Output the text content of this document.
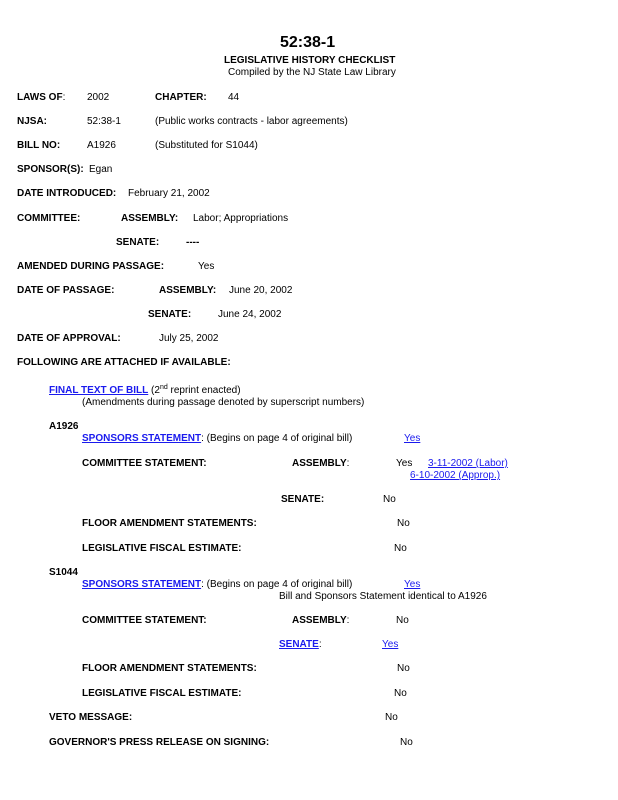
52:38-1
LEGISLATIVE HISTORY CHECKLIST
Compiled by the NJ State Law Library
LAWS OF: 2002	CHAPTER: 44
NJSA:	52:38-1	(Public works contracts - labor agreements)
BILL NO:	A1926	(Substituted for S1044)
SPONSOR(S): Egan
DATE INTRODUCED: February 21, 2002
COMMITTEE:	ASSEMBLY: Labor; Appropriations
SENATE:	----
AMENDED DURING PASSAGE:	Yes
DATE OF PASSAGE:	ASSEMBLY: June 20, 2002
SENATE:	June 24, 2002
DATE OF APPROVAL:	July 25, 2002
FOLLOWING ARE ATTACHED IF AVAILABLE:
FINAL TEXT OF BILL (2nd reprint enacted)
(Amendments during passage denoted by superscript numbers)
A1926
SPONSORS STATEMENT: (Begins on page 4 of original bill)	Yes
COMMITTEE STATEMENT:	ASSEMBLY:	Yes 3-11-2002 (Labor)
6-10-2002 (Approp.)
SENATE:	No
FLOOR AMENDMENT STATEMENTS:	No
LEGISLATIVE FISCAL ESTIMATE:	No
S1044
SPONSORS STATEMENT: (Begins on page 4 of original bill)	Yes
Bill and Sponsors Statement identical to A1926
COMMITTEE STATEMENT:	ASSEMBLY:	No
SENATE:	Yes
FLOOR AMENDMENT STATEMENTS:	No
LEGISLATIVE FISCAL ESTIMATE:	No
VETO MESSAGE:	No
GOVERNOR'S PRESS RELEASE ON SIGNING:	No
